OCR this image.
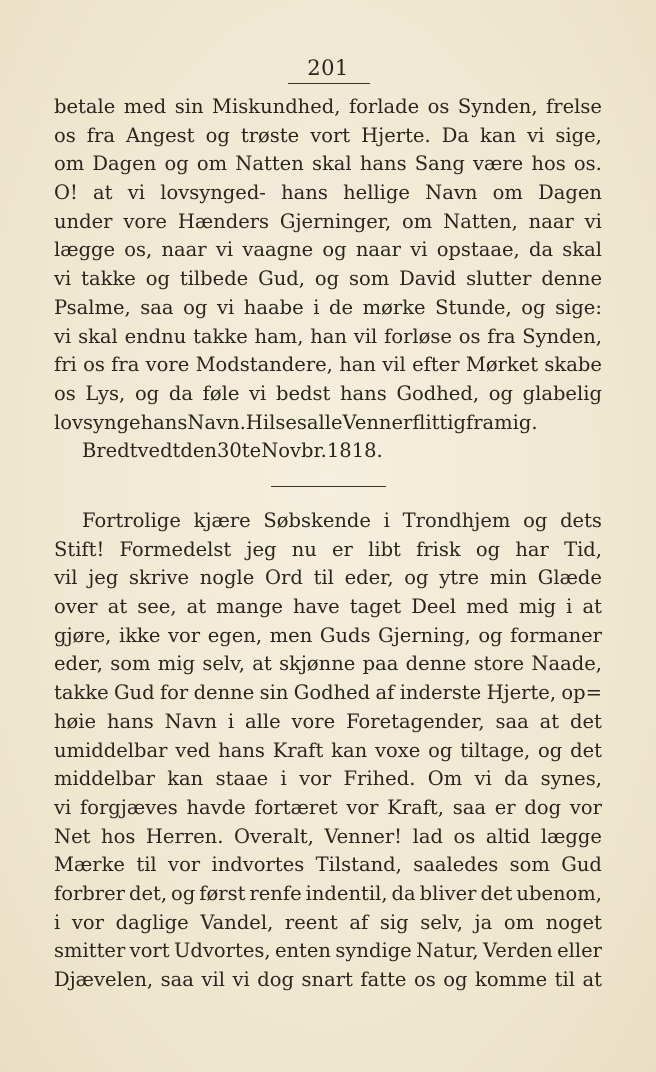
201
betale med sin Miskundhed, forlade os Synden, frelse
os fra Angest og trøste vort Hjerte. Da kan vi sige,
om Dagen og om Natten skal hans Sang være hos os.
O! at vi lovsynged- hans hellige Navn om Dagen
under vore Hænders Gjerninger, om Natten, naar vi
lægge os, naar vi vaagne og naar vi opstaae, da skal
vi takke og tilbede Gud, og som David slutter denne
Psalme, saa og vi haabe i de mørke Stunde, og sige:
vi skal endnu takke ham, han vil forløse os fra Synden,
fri os fra vore Modstandere, han vil efter Mørket skabe
os Lys, og da føle vi bedst hans Godhed, og glabelig
lovsynge hans Navn. Hilses alle Venner flittig fra mig.
Bredtvedt den 30te Novbr. 1818.
Fortrolige kjære Søbskende i Trondhjem og dets
Stift! Formedelst jeg nu er libt frisk og har Tid,
vil jeg skrive nogle Ord til eder, og ytre min Glæde
over at see, at mange have taget Deel med mig i at
gjøre, ikke vor egen, men Guds Gjerning, og formaner
eder, som mig selv, at skjønne paa denne store Naade,
takke Gud for denne sin Godhed af inderste Hjerte, op=
høie hans Navn i alle vore Foretagender, saa at det
umiddelbar ved hans Kraft kan voxe og tiltage, og det
middelbar kan staae i vor Frihed. Om vi da synes,
vi forgjæves havde fortæret vor Kraft, saa er dog vor
Net hos Herren. Overalt, Venner! lad os altid lægge
Mærke til vor indvortes Tilstand, saaledes som Gud
forbrer det, og først renfe indentil, da bliver det ubenom,
i vor daglige Vandel, reent af sig selv, ja om noget
smitter vort Udvortes, enten syndige Natur, Verden eller
Djævelen, saa vil vi dog snart fatte os og komme til at
